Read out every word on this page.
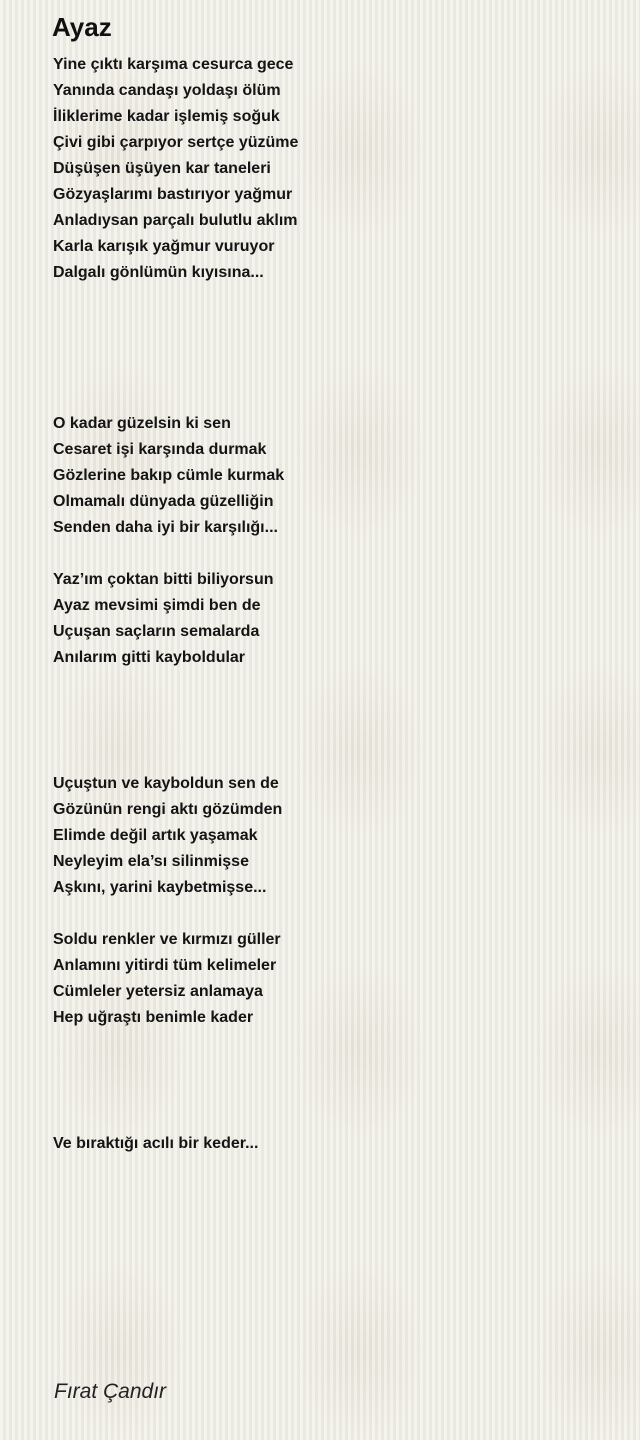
Ayaz
Yine çıktı karşıma cesurca gece
Yanında candaşı yoldaşı ölüm
İliklerime kadar işlemiş soğuk
Çivi gibi çarpıyor sertçe yüzüme
Düşüşen üşüyen kar taneleri
Gözyaşlarımı bastırıyor yağmur
Anladıysan parçalı bulutlu aklım
Karla karışık yağmur vuruyor
Dalgalı gönlümün kıyısına...
O kadar güzelsin ki sen
Cesaret işi karşında durmak
Gözlerine bakıp cümle kurmak
Olmamalı dünyada güzelliğin
Senden daha iyi bir karşılığı...
Yaz’ım çoktan bitti biliyorsun
Ayaz mevsimi şimdi ben de
Uçuşan saçların semalarda
Anılarım gitti kayboldular
Uçuştun ve kayboldun sen de
Gözünün rengi aktı gözümden
Elimde değil artık yaşamak
Neyleyim ela’sı silinmişse
Aşkını, yarini kaybetmişse...
Soldu renkler ve kırmızı güller
Anlamını yitirdi tüm kelimeler
Cümleler yetersiz anlamaya
Hep uğraştı benimle kader
Ve bıraktığı acılı bir keder...
Fırat Çandır
